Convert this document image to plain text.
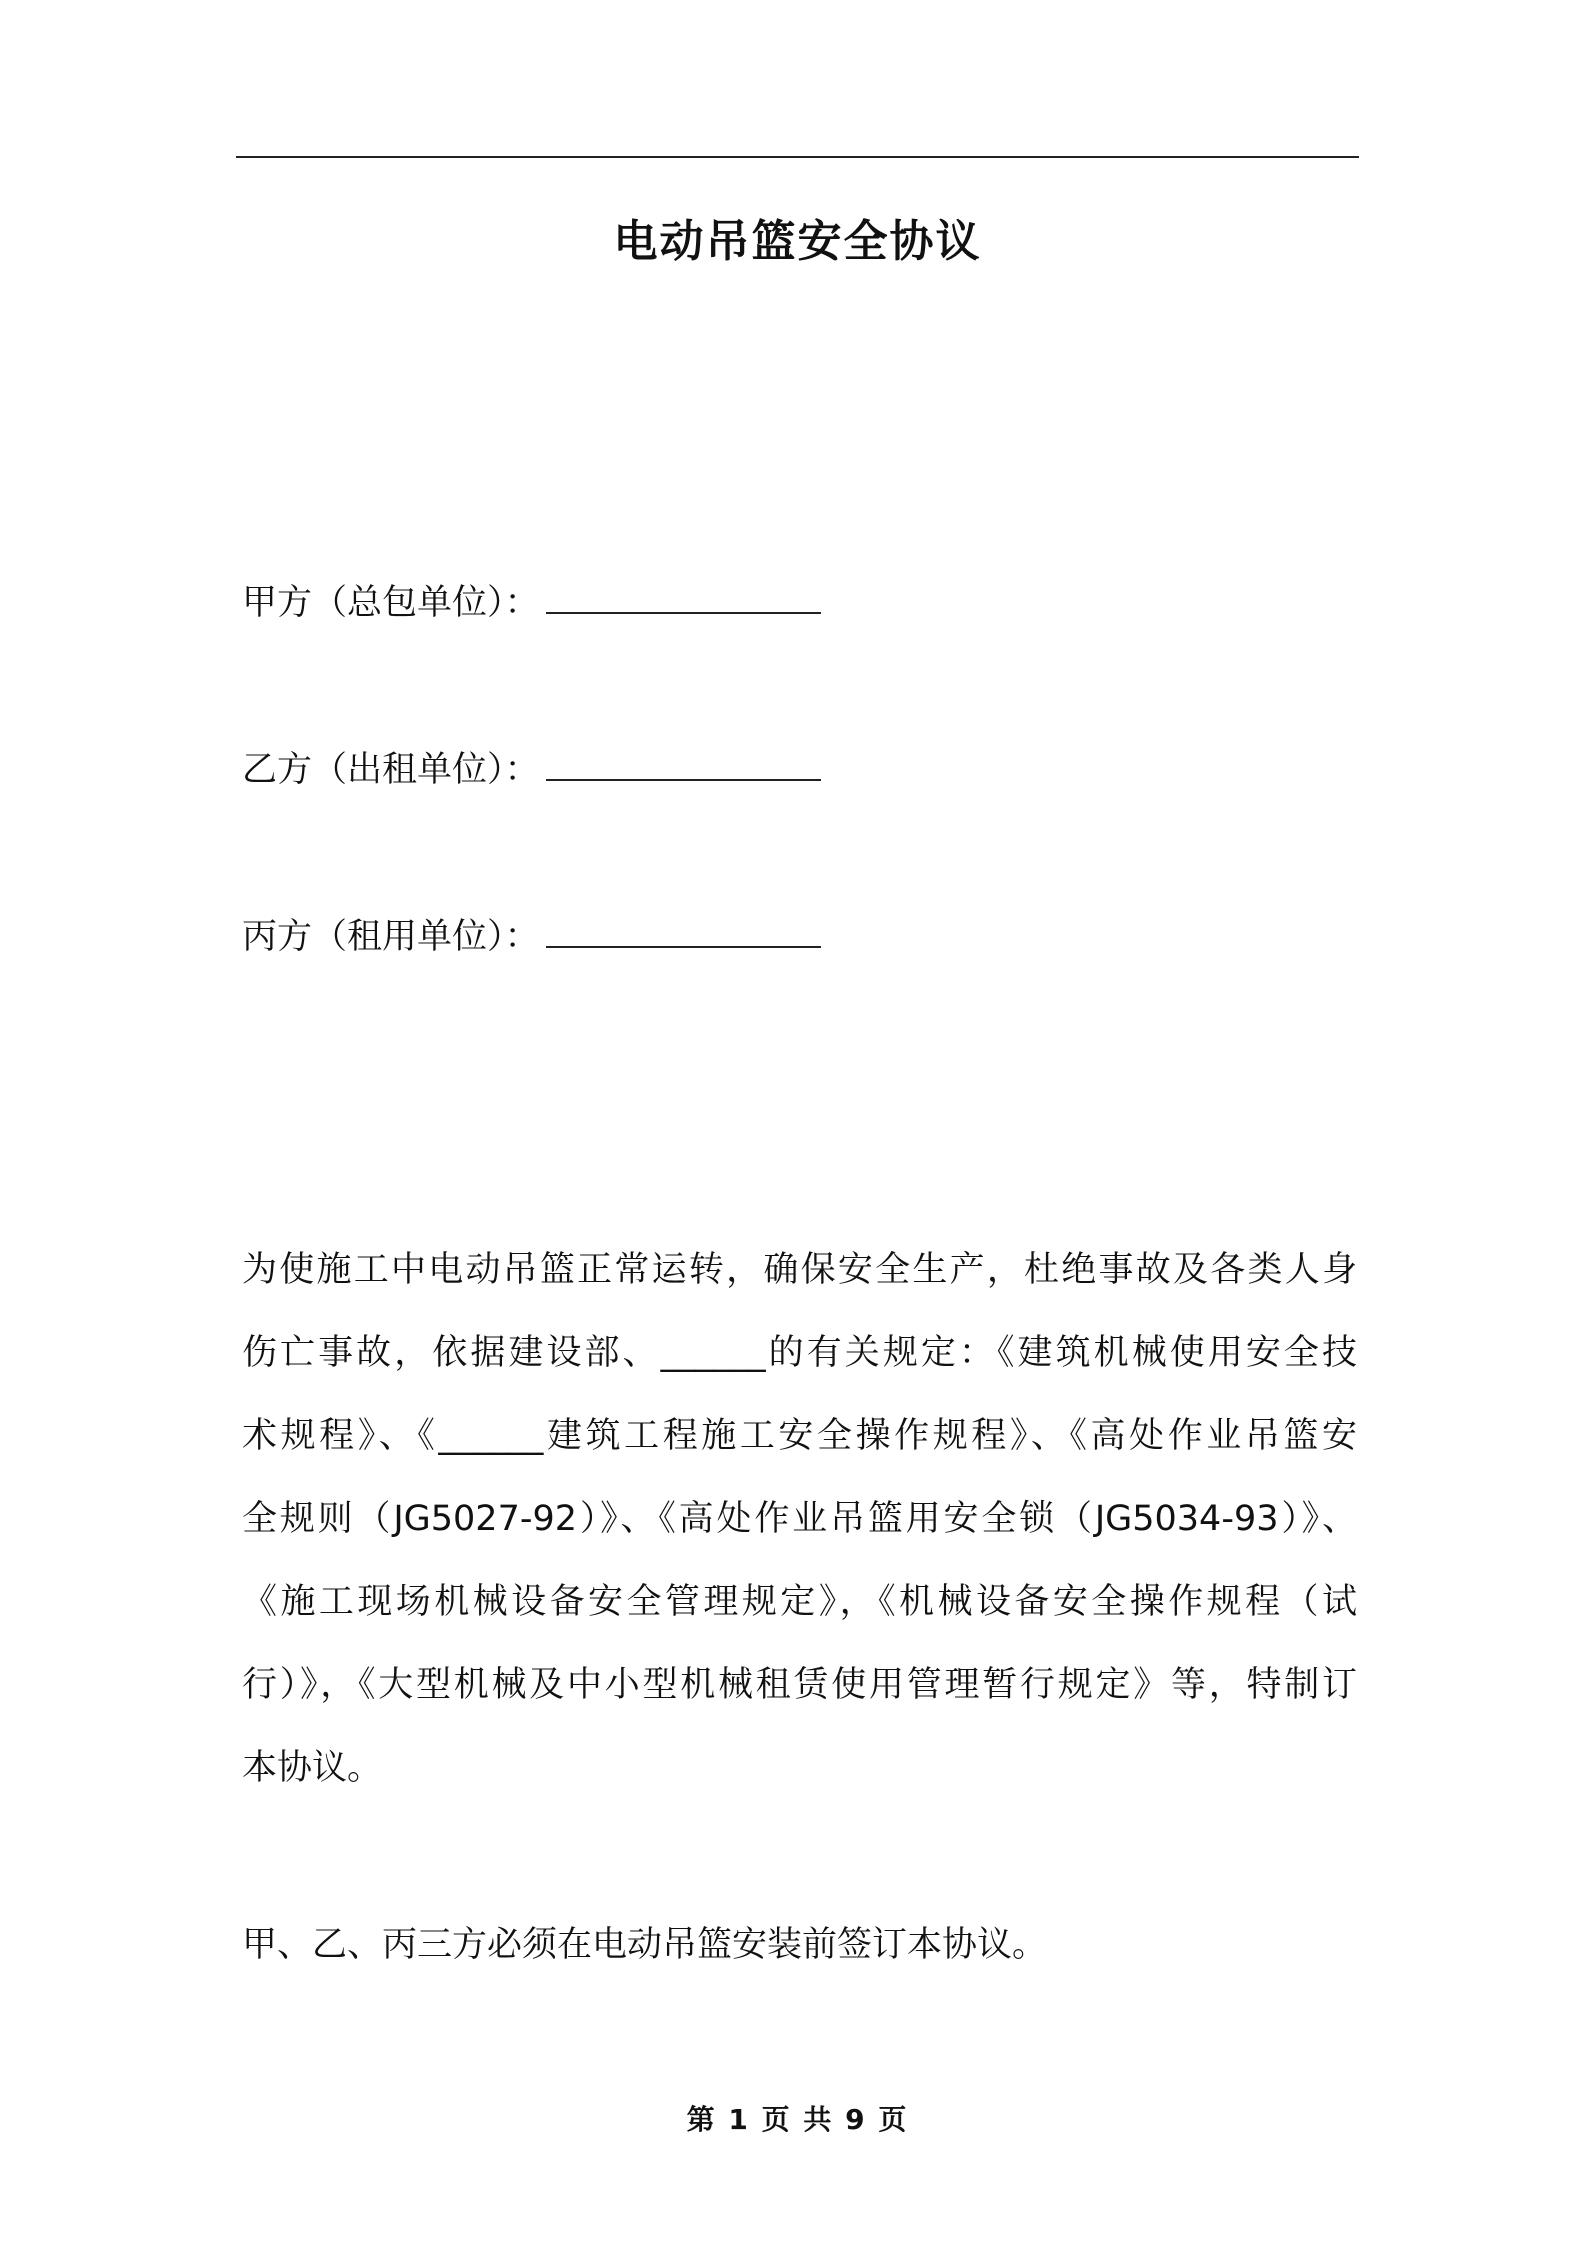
电动吊篮安全协议
甲方（总包单位）：
乙方（出租单位）：
丙方（租用单位）：
为使施工中电动吊篮正常运转，确保安全生产，杜绝事故及各类人身
伤亡事故，依据建设部、______的有关规定：《建筑机械使用安全技
术规程》、《______建筑工程施工安全操作规程》、《高处作业吊篮安
全规则（JG5027-92）》、《高处作业吊篮用安全锁（JG5034-93）》、
《施工现场机械设备安全管理规定》，《机械设备安全操作规程（试
行）》，《大型机械及中小型机械租赁使用管理暂行规定》等，特制订
本协议。
甲、乙、丙三方必须在电动吊篮安装前签订本协议。
第 1 页 共 9 页
